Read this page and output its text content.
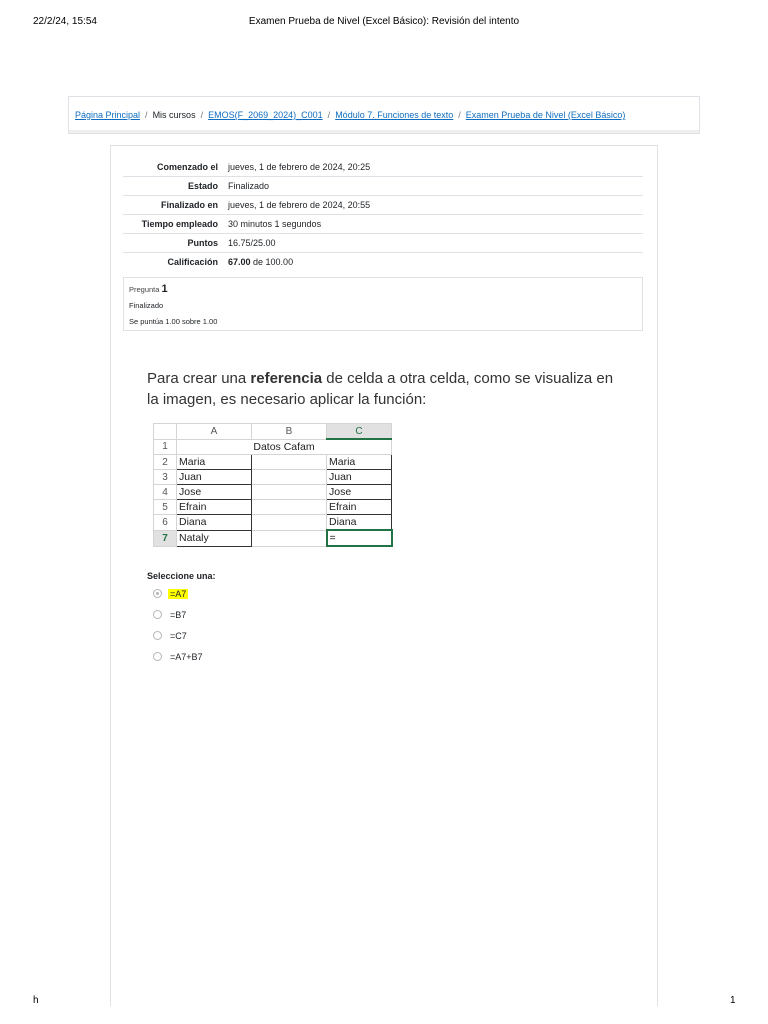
22/2/24, 15:54	Examen Prueba de Nivel (Excel Básico): Revisión del intento
Página Principal / Mis cursos / EMOS(F_2069_2024)_C001 / Módulo 7. Funciones de texto / Examen Prueba de Nivel (Excel Básico)
Comenzado el	jueves, 1 de febrero de 2024, 20:25
Estado	Finalizado
Finalizado en	jueves, 1 de febrero de 2024, 20:55
Tiempo empleado	30 minutos 1 segundos
Puntos	16.75/25.00
Calificación	67.00 de 100.00
Pregunta 1
Finalizado
Se puntúa 1.00 sobre 1.00
Para crear una referencia de celda a otra celda, como se visualiza en la imagen, es necesario aplicar la función:
	A	B	C
1	Datos Cafam		
2	Maria		Maria
3	Juan		Juan
4	Jose		Jose
5	Efrain		Efrain
6	Diana		Diana
7	Nataly		=
Seleccione una:
=A7
=B7
=C7
=A7+B7
h	1
